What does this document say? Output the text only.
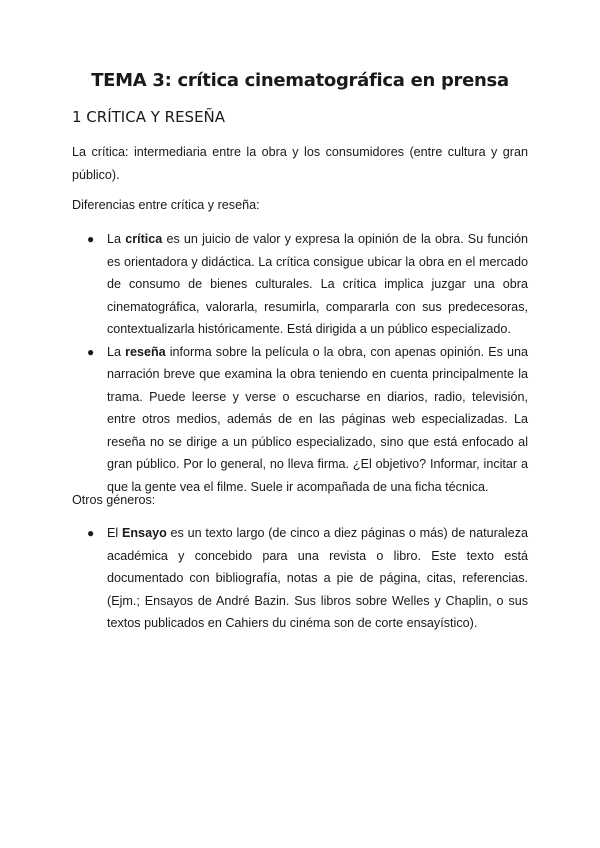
TEMA 3: crítica cinematográfica en prensa
1 CRÍTICA Y RESEÑA

La crítica: intermediaria entre la obra y los consumidores (entre cultura y gran público).

Diferencias entre crítica y reseña:

● La crítica es un juicio de valor y expresa la opinión de la obra. Su función es orientadora y didáctica. La crítica consigue ubicar la obra en el mercado de consumo de bienes culturales. La crítica implica juzgar una obra cinematográfica, valorarla, resumirla, compararla con sus predecesoras, contextualizarla históricamente. Está dirigida a un público especializado.
● La reseña informa sobre la película o la obra, con apenas opinión. Es una narración breve que examina la obra teniendo en cuenta principalmente la trama. Puede leerse y verse o escucharse en diarios, radio, televisión, entre otros medios, además de en las páginas web especializadas. La reseña no se dirige a un público especializado, sino que está enfocado al gran público. Por lo general, no lleva firma. ¿El objetivo? Informar, incitar a que la gente vea el filme. Suele ir acompañada de una ficha técnica.

Otros géneros:

● El Ensayo es un texto largo (de cinco a diez páginas o más) de naturaleza académica y concebido para una revista o libro. Este texto está documentado con bibliografía, notas a pie de página, citas, referencias. (Ejm.; Ensayos de André Bazin. Sus libros sobre Welles y Chaplin, o sus textos publicados en Cahiers du cinéma son de corte ensayístico).
